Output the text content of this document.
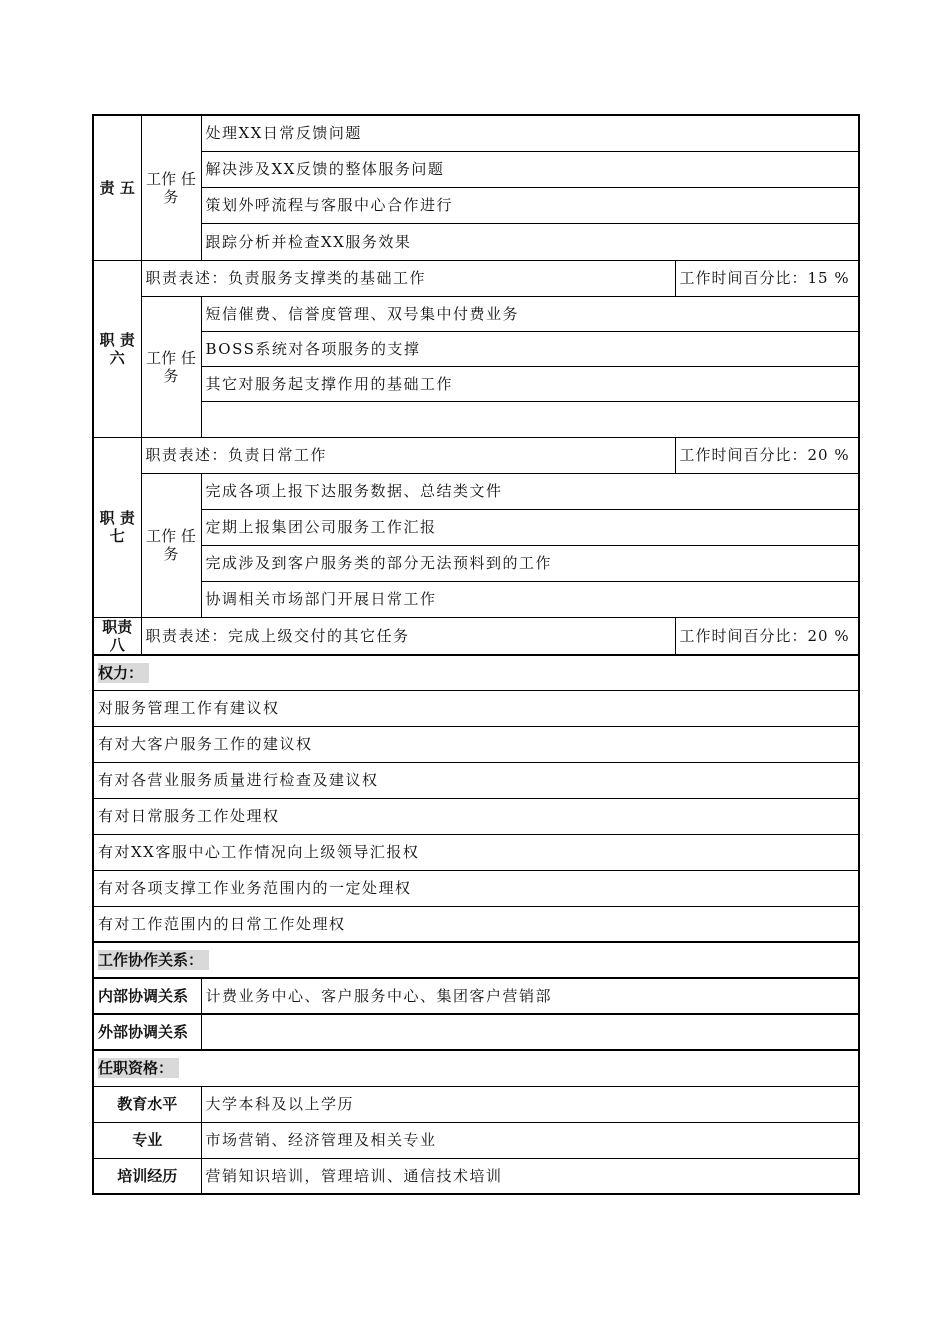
责 五	工作 任务	处理XX日常反馈问题	
		解决涉及XX反馈的整体服务问题	
		策划外呼流程与客服中心合作进行	
		跟踪分析并检查XX服务效果	
职 责 六	职责表述：负责服务支撑类的基础工作		工作时间百分比：15 %
	工作 任务	短信催费、信誉度管理、双号集中付费业务	
		BOSS系统对各项服务的支撑	
		其它对服务起支撑作用的基础工作	

职 责 七	职责表述：负责日常工作		工作时间百分比：20 %
	工作 任务	完成各项上报下达服务数据、总结类文件	
		定期上报集团公司服务工作汇报	
		完成涉及到客户服务类的部分无法预料到的工作	
		协调相关市场部门开展日常工作	
职责 八	职责表述：完成上级交付的其它任务		工作时间百分比：20 %
权力：			
对服务管理工作有建议权			
有对大客户服务工作的建议权			
有对各营业服务质量进行检查及建议权			
有对日常服务工作处理权			
有对XX客服中心工作情况向上级领导汇报权			
有对各项支撑工作业务范围内的一定处理权			
有对工作范围内的日常工作处理权			
工作协作关系：			
内部协调关系		计费业务中心、客户服务中心、集团客户营销部	
外部协调关系			
任职资格：			
教育水平		大学本科及以上学历	
专业		市场营销、经济管理及相关专业	
培训经历		营销知识培训，管理培训、通信技术培训	
